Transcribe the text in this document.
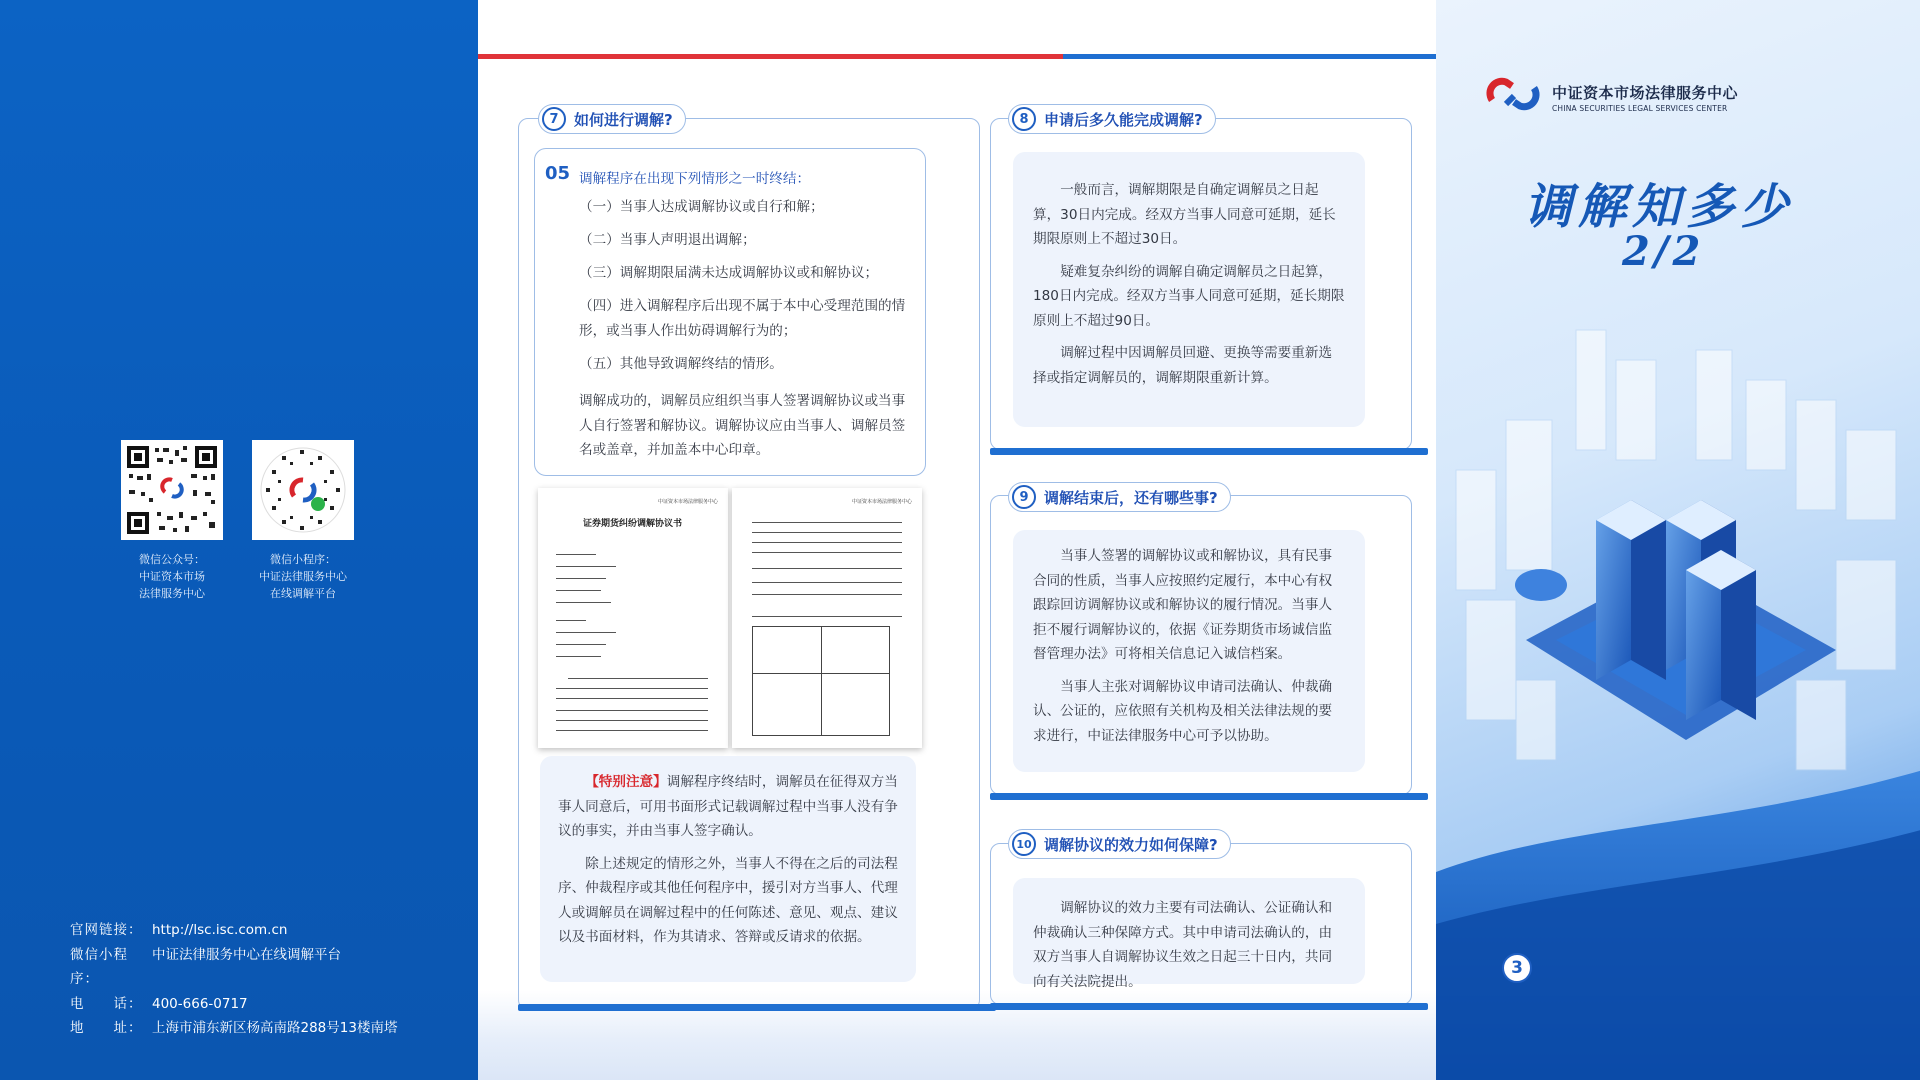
微信公众号：
中证资本市场
法律服务中心
微信小程序：
中证法律服务中心
在线调解平台
官网链接： http://lsc.isc.com.cn
微信小程序：
中证法律服务中心在线调解平台
电　　话： 400-666-0717
地　　址： 上海市浦东新区杨高南路288号13楼南塔
7	如何进行调解?
05 调解程序在出现下列情形之一时终结：
（一）当事人达成调解协议或自行和解；
（二）当事人声明退出调解；
（三）调解期限届满未达成调解协议或和解协议；
（四）进入调解程序后出现不属于本中心受理范围的情形，或当事人作出妨碍调解行为的；
（五）其他导致调解终结的情形。
调解成功的，调解员应组织当事人签署调解协议或当事人自行签署和解协议。调解协议应由当事人、调解员签名或盖章，并加盖本中心印章。
中证资本市场法律服务中心
证券期货纠纷调解协议书
中证资本市场法律服务中心

【特别注意】调解程序终结时，调解员在征得双方当事人同意后，可用书面形式记载调解过程中当事人没有争议的事实，并由当事人签字确认。

除上述规定的情形之外，当事人不得在之后的司法程序、仲裁程序或其他任何程序中，援引对方当事人、代理人或调解员在调解过程中的任何陈述、意见、观点、建议以及书面材料，作为其请求、答辩或反请求的依据。

8	申请后多久能完成调解?

一般而言，调解期限是自确定调解员之日起算，30日内完成。经双方当事人同意可延期，延长期限原则上不超过30日。

疑难复杂纠纷的调解自确定调解员之日起算，180日内完成。经双方当事人同意可延期，延长期限原则上不超过90日。

调解过程中因调解员回避、更换等需要重新选择或指定调解员的，调解期限重新计算。

9	调解结束后，还有哪些事?

当事人签署的调解协议或和解协议，具有民事合同的性质，当事人应按照约定履行，本中心有权跟踪回访调解协议或和解协议的履行情况。当事人拒不履行调解协议的，依据《证券期货市场诚信监督管理办法》可将相关信息记入诚信档案。

当事人主张对调解协议申请司法确认、仲裁确认、公证的，应依照有关机构及相关法律法规的要求进行，中证法律服务中心可予以协助。

10 调解协议的效力如何保障?

调解协议的效力主要有司法确认、公证确认和仲裁确认三种保障方式。其中申请司法确认的，由双方当事人自调解协议生效之日起三十日内，共同向有关法院提出。

中证资本市场法律服务中心
CHINA SECURITIES LEGAL SERVICES CENTER
调解知多少
2/2
3
